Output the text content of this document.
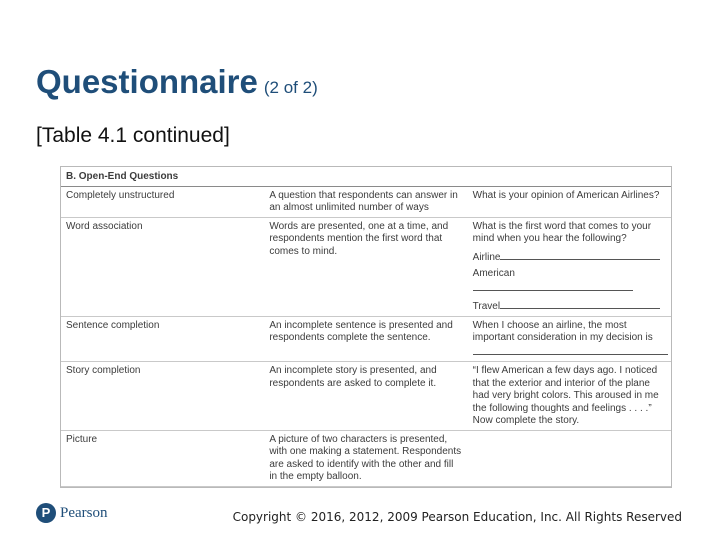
Questionnaire (2 of 2)
[Table 4.1 continued]
B. Open-End Questions		
Completely unstructured	A question that respondents can answer in an almost unlimited number of ways	What is your opinion of American Airlines?
Word association	Words are presented, one at a time, and respondents mention the first word that comes to mind.	What is the first word that comes to your mind when you hear the following?
Airline
American
Travel

Sentence completion	An incomplete sentence is presented and respondents complete the sentence.	When I choose an airline, the most important consideration in my decision is
Story completion	An incomplete story is presented, and respondents are asked to complete it.	“I flew American a few days ago. I noticed that the exterior and interior of the plane had very bright colors. This aroused in me the following thoughts and feelings . . . .” Now complete the story.
Picture	A picture of two characters is presented, with one making a statement. Respondents are asked to identify with the other and fill in the empty balloon.	

P Pearson	Copyright © 2016, 2012, 2009 Pearson Education, Inc. All Rights Reserved
